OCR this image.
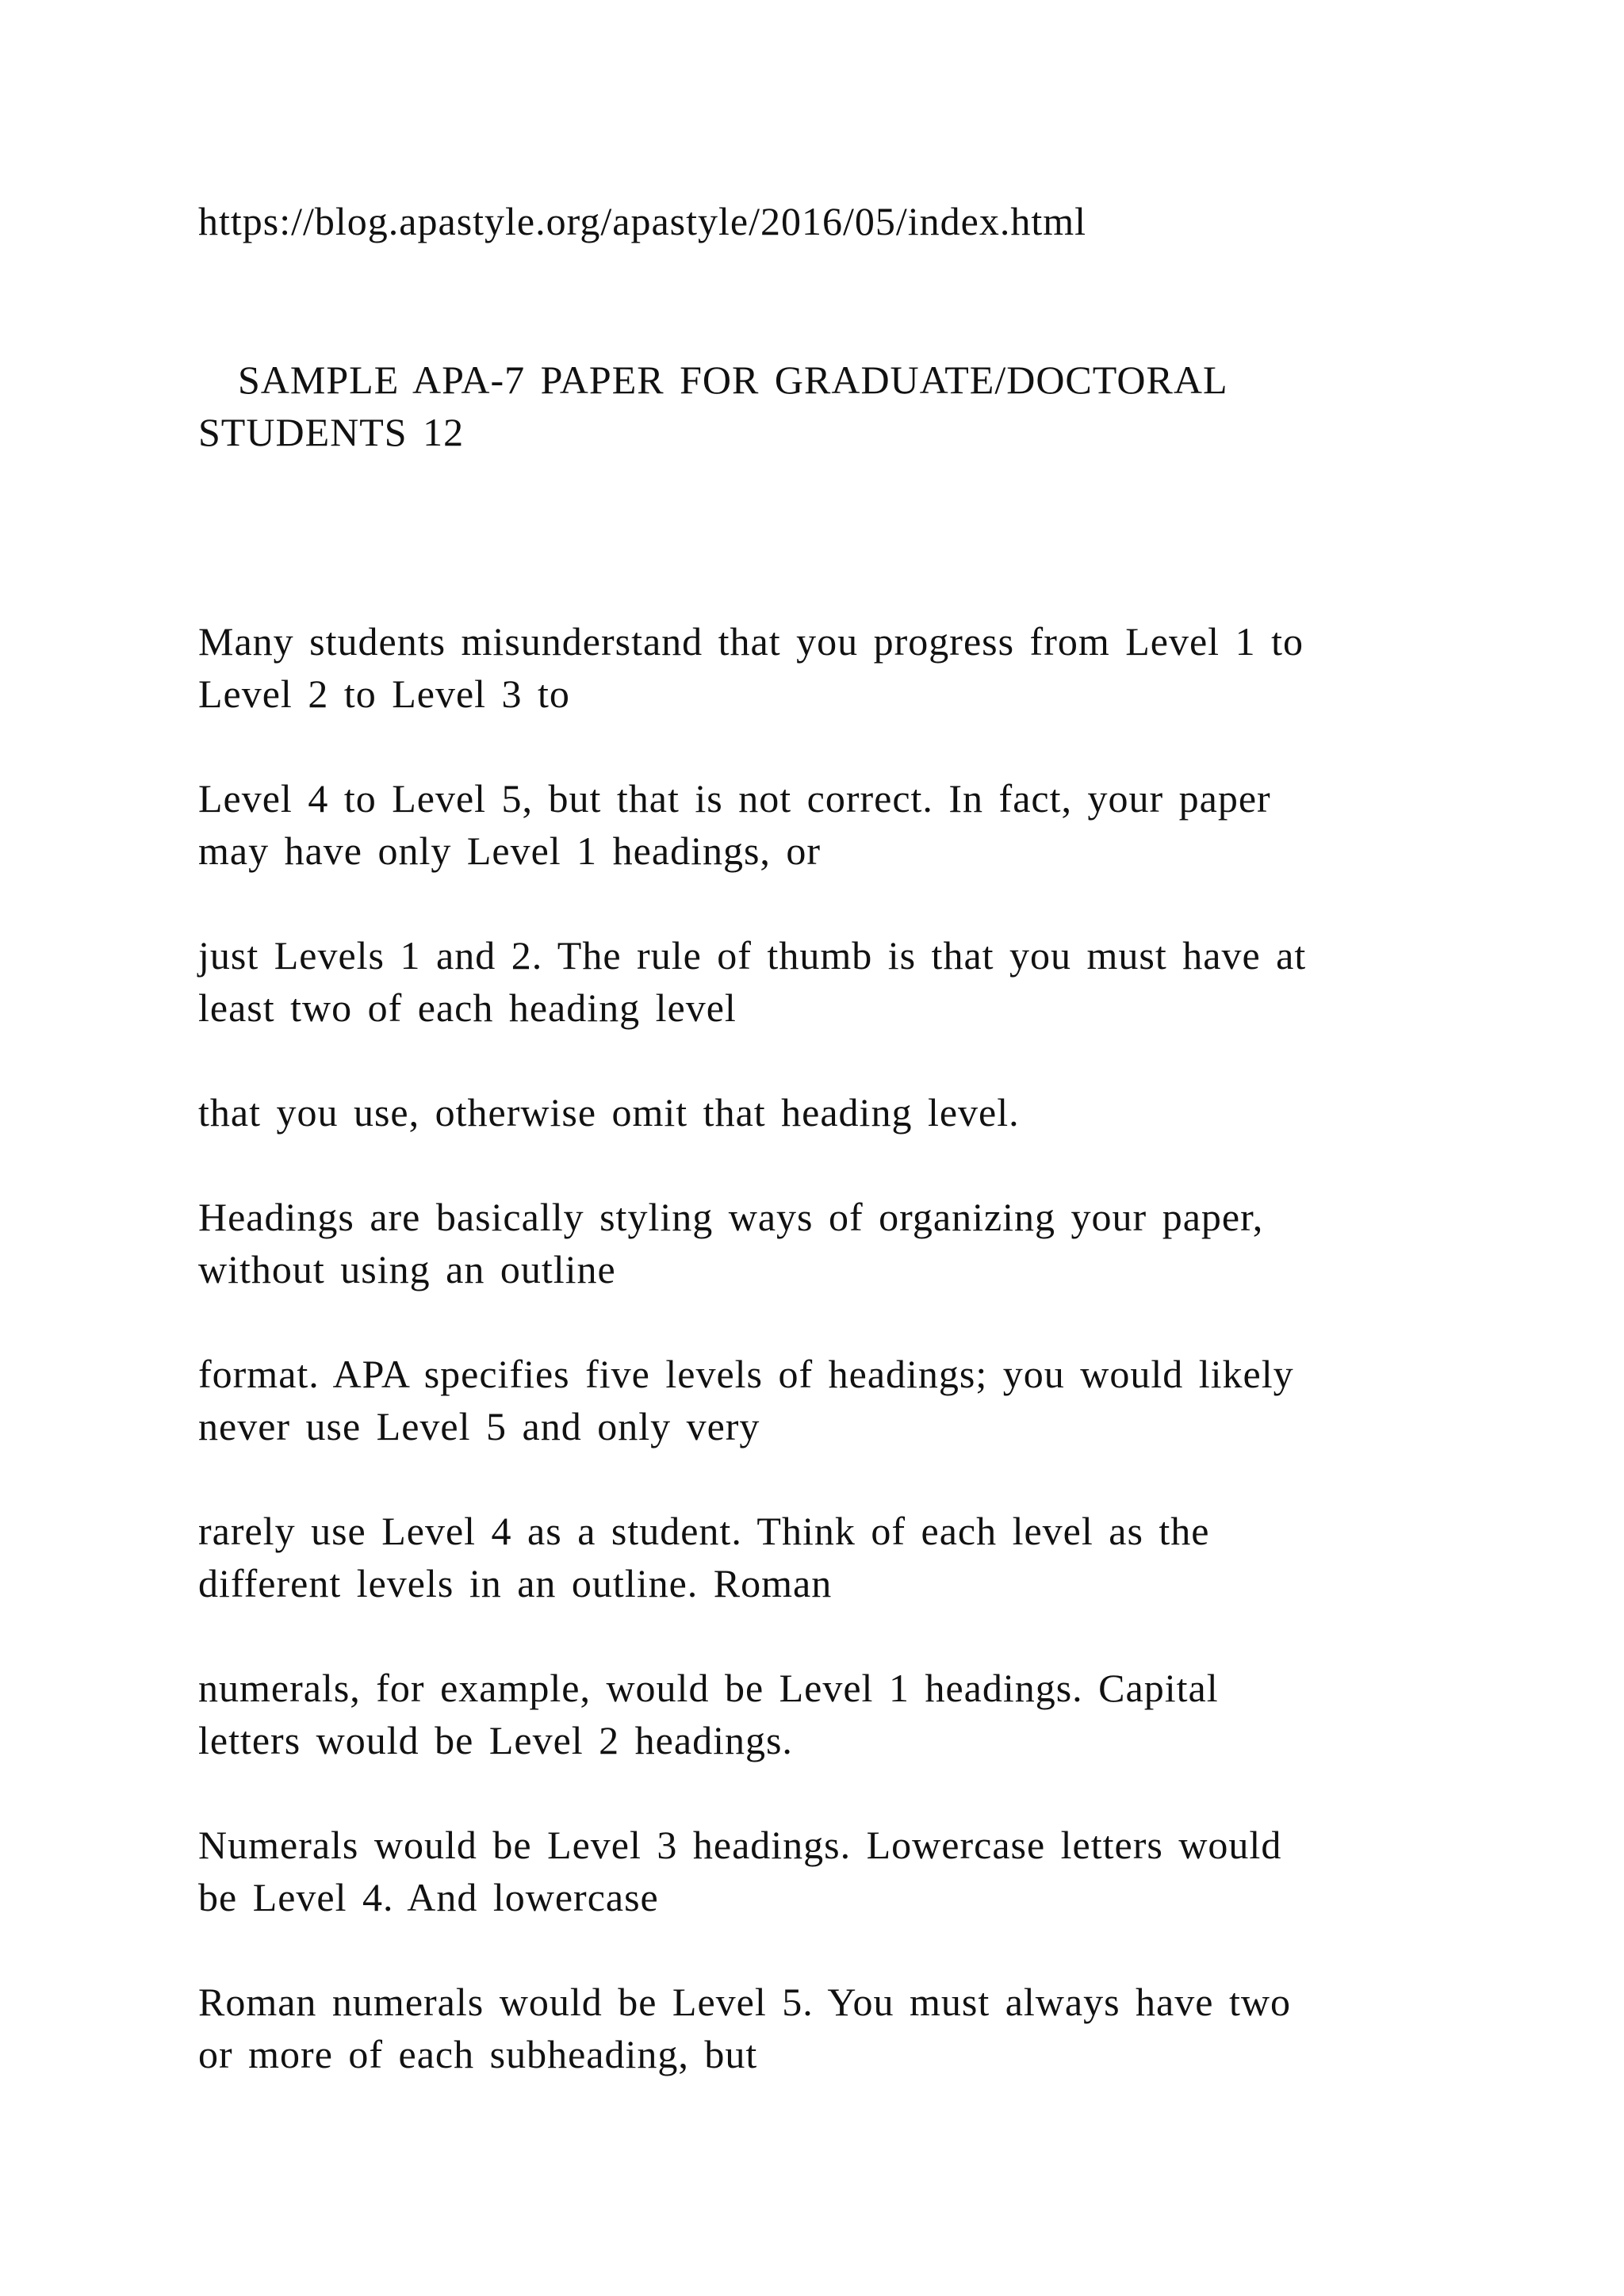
https://blog.apastyle.org/apastyle/2016/05/index.html
SAMPLE APA-7 PAPER FOR GRADUATE/DOCTORAL
STUDENTS 12
Many students misunderstand that you progress from Level 1 to
Level 2 to Level 3 to
Level 4 to Level 5, but that is not correct. In fact, your paper
may have only Level 1 headings, or
just Levels 1 and 2. The rule of thumb is that you must have at
least two of each heading level
that you use, otherwise omit that heading level.
Headings are basically styling ways of organizing your paper,
without using an outline
format. APA specifies five levels of headings; you would likely
never use Level 5 and only very
rarely use Level 4 as a student. Think of each level as the
different levels in an outline. Roman
numerals, for example, would be Level 1 headings. Capital
letters would be Level 2 headings.
Numerals would be Level 3 headings. Lowercase letters would
be Level 4. And lowercase
Roman numerals would be Level 5. You must always have two
or more of each subheading, but
